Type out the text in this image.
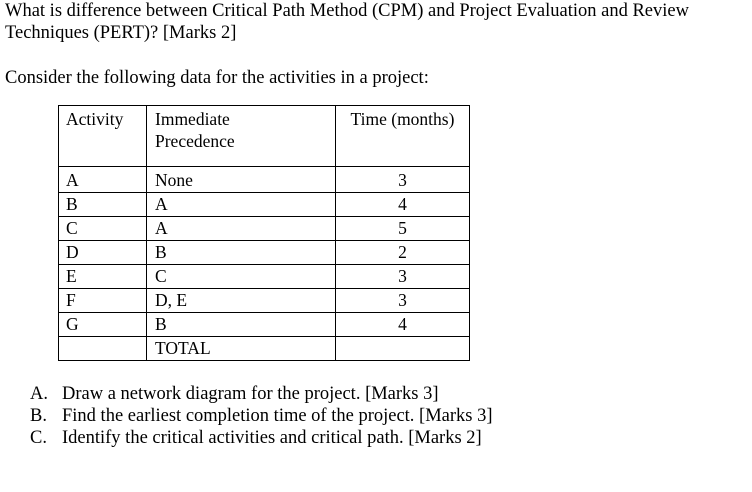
What is difference between Critical Path Method (CPM) and Project Evaluation and Review Techniques (PERT)? [Marks 2]

Consider the following data for the activities in a project:

Activity	Immediate Precedence	Time (months)
A	None	3
B	A	4
C	A	5
D	B	2
E	C	3
F	D, E	3
G	B	4
	TOTAL	
A. Draw a network diagram for the project. [Marks 3]
B. Find the earliest completion time of the project. [Marks 3]
C. Identify the critical activities and critical path. [Marks 2]
